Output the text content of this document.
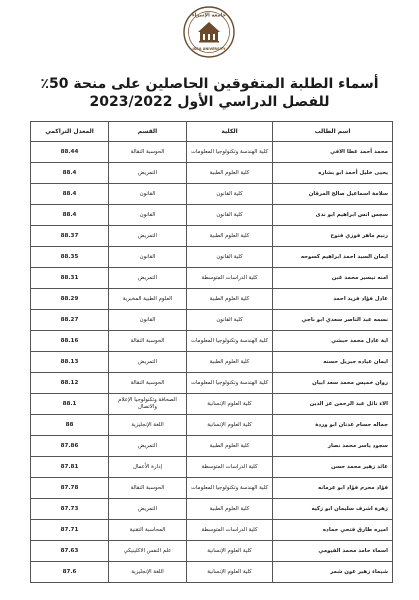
جامعة الإسراء
ISRA UNIVERSITY
أسماء الطلبة المتفوقين الحاصلين على منحة 50٪
للفصل الدراسي الأول 2023/2022
اسم الطالب	الكلية	القسم	المعدل التراكمي
محمد أحمد عطا الافي	كلية الهندسة وتكنولوجيا المعلومات	الحوسبة النقالة	88.44
يحيى خليل أحمد ابو بشاره	كلية العلوم الطبية	التمريض	88.4
سلامة اسماعيل صالح المرقان	كلية القانون	القانون	88.4
سجس انس ابراهيم ابو ندى	كلية القانون	القانون	88.4
رنيم ماهر فوزي فتوح	كلية العلوم الطبية	التمريض	88.37
ايمان السيد احمد ابراهيم كسوحه	كلية القانون	القانون	88.35
امنه تيسير محمد غبن	كلية الدراسات المتوسطة	التمريض	88.31
عادل فؤاد فريد احمد	كلية العلوم الطبية	العلوم الطبية المخبرية	88.29
نسمه عبد الناصر سعدي ابو ناجي	كلية القانون	القانون	88.27
اية عادل محمد حبشي	كلية الهندسة وتكنولوجيا المعلومات	الحوسبة النقالة	88.16
ايمان عياده جبريل حسنه	كلية العلوم الطبية	التمريض	88.13
روان خميس محمد سعد ابيان	كلية الهندسة وتكنولوجيا المعلومات	الحوسبة النقالة	88.12
الاء نائل عبد الرحمن عز الدين	كلية العلوم الإنسانية	الصحافة وتكنولوجيا الإعلام والاتصال	88.1
جماله حسام عدنان ابو وردة	كلية العلوم الإنسانية	اللغة الإنجليزية	88
سجود ياسر محمد نصار	كلية العلوم الطبية	التمريض	87.86
عائد زهير محمد حسن	كلية الدراسات المتوسطة	إدارة الأعمال	87.81
فؤاد محرم فؤاد ابو عرمانه	كلية الهندسة وتكنولوجيا المعلومات	الحوسبة النقالة	87.78
زهرة اشرف سليمان ابو زكيه	كلية العلوم الطبية	التمريض	87.73
اميره طارق فتحي حماده	كلية الدراسات المتوسطة	المحاسبة التقنية	87.71
اسماء حامد محمد الفيومي	كلية العلوم الإنسانية	علم النفس الاكلينيكي	87.63
شيماء زهير عون شمر	كلية العلوم الإنسانية	اللغة الإنجليزية	87.6
